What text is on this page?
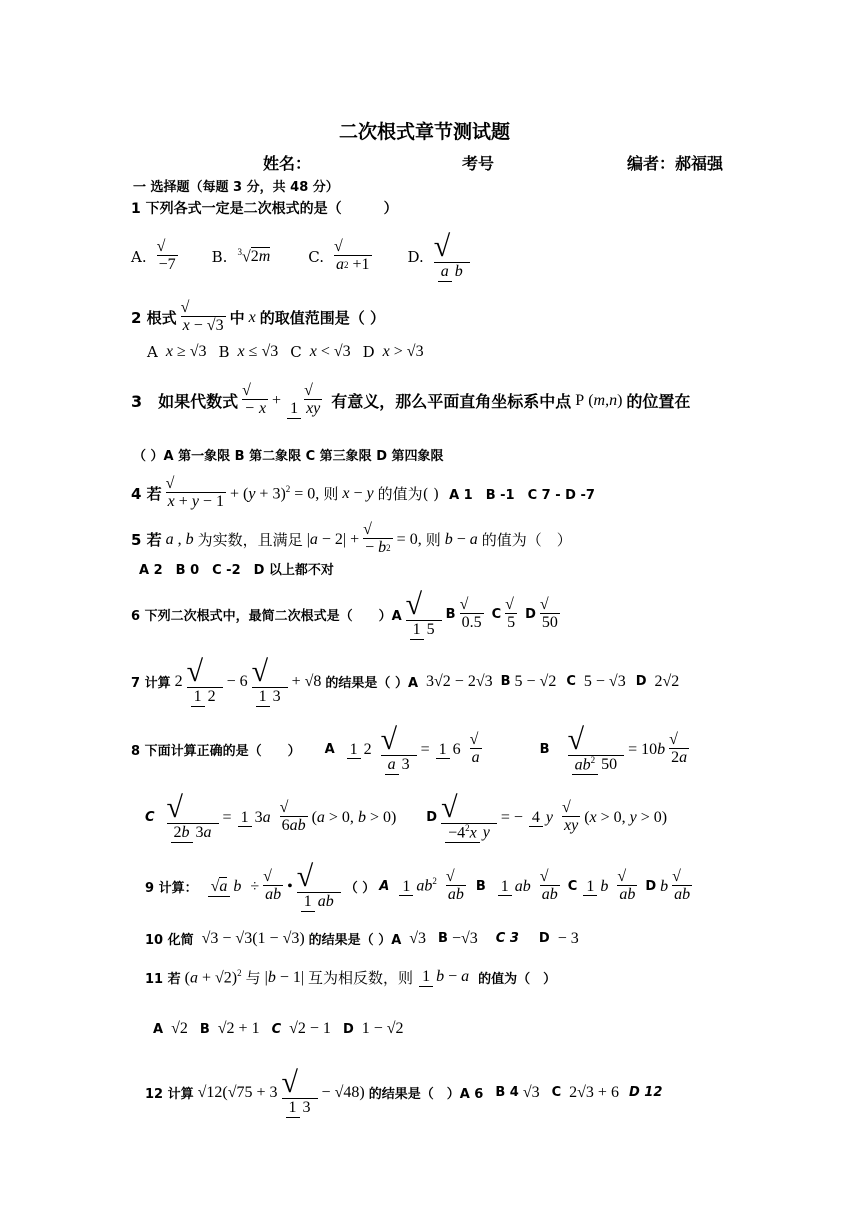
二次根式章节测试题
姓名：	考号	编者：郝福强
一 选择题（每题 3 分，共 48 分）
1 下列各式一定是二次根式的是（　　　）
A.
√
−7 B. $^3$√2m	C.
√
a 2 +1	D. √
a b
2 根式
√
x − √3 中 x 的取值范围是（ ）
A x ≥ √3 B x ≤ √3 C x < √3 D x > √3
3　如果代数式
√
− x + 1
√
xy 有意义，那么平面直角坐标系中点 P (m,n) 的位置在
（ ）A 第一象限 B 第二象限 C 第三象限 D 第四象限
4 若
√
$x + y - 1 + (y + 3)^2 = 0$, 则 x − y 的值为( ) A 1　B -1　C 7 - D -7
5 若 a , b 为实数，且满足 |a − 2| +
√
− b 2
= 0, 则 b − a 的值为（　）
A 2　B 0　C -2　D 以上都不对
6 下列二次根式中，最简二次根式是（　　）A √
1 5
B
√
0.5 C
√
5 D
√
50
7 计算 2 √
1 2
− 6 √
1 3
+ √8 的结果是（ ）A 3√2 − 2√3 B 5 − √2 C 5 − √3 D 2√2
8 下面计算正确的是（　　） A 1 2 √
a 3
= 1 6
√
a	B √
$ab^2$ 50
= 10b
√
2 a
C √
2b 3a
= 1 3a
√
6 ab (a > 0, b > 0) D √
$-4^2x$ y
= − 4 y
√
xy (x > 0, y > 0)
9 计算： √a b ÷
√
ab • √
1 ab
（ ） A 1 $ab^2$ √
ab B 1 ab
√
ab C 1 b
√
ab D b
√
ab
10 化简 √3 − √3(1 − √3) 的结果是（ ）A √3 B −√3 C 3 D − 3
11 若 $(a + √2)^2$ 与 |b − 1| 互为相反数，则 1 b − a 的值为（　）
A √2 B √2 + 1 C √2 − 1 D 1 − √2
12 计算 √12(√75 + 3 √
1 3
− √48) 的结果是（　）A 6 B 4 √3 C 2√3 + 6 D 12
